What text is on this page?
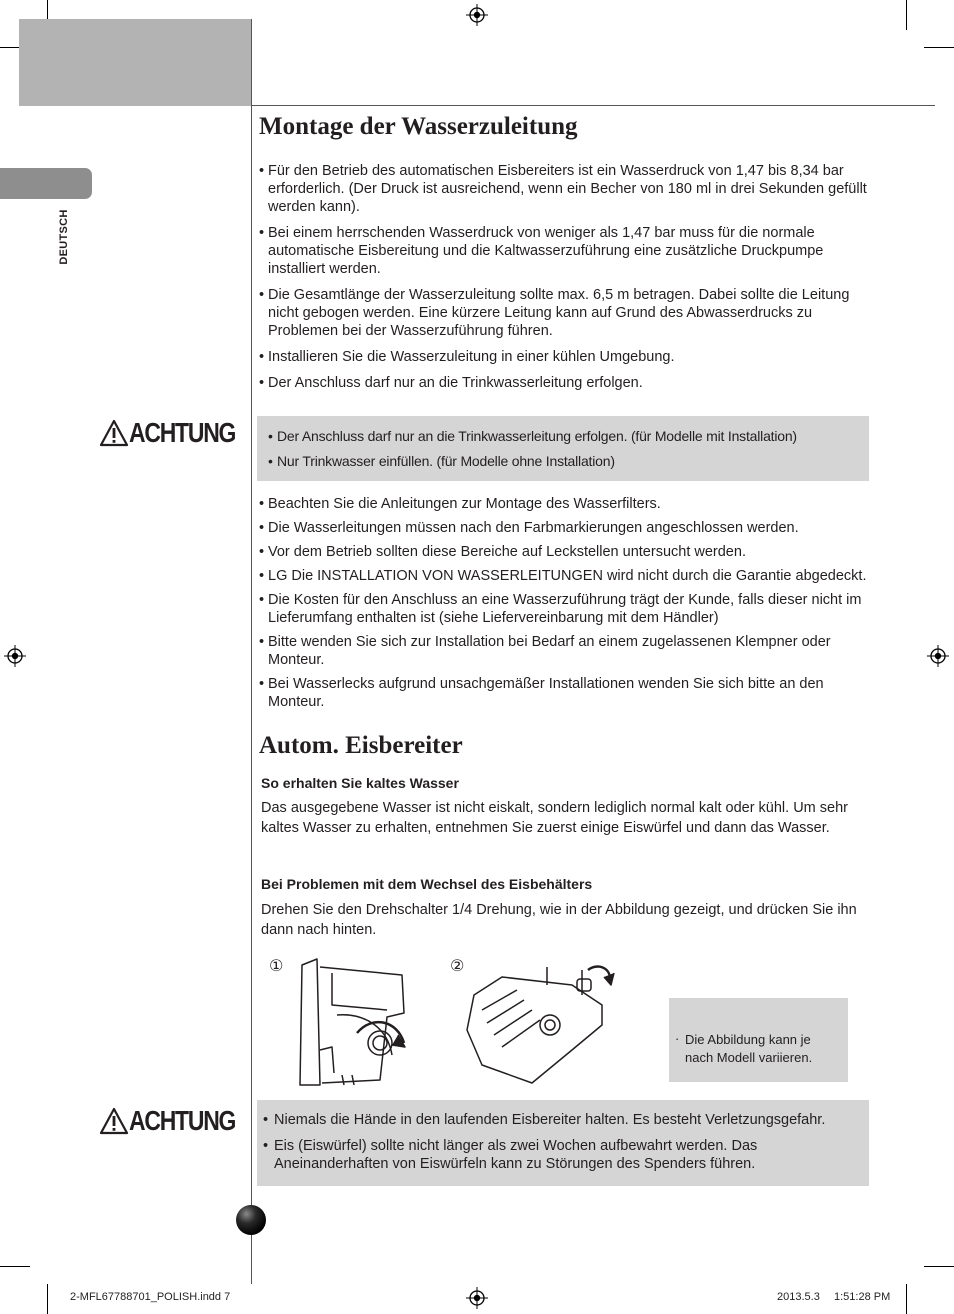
DEUTSCH
Montage der Wasserzuleitung
• Für den Betrieb des automatischen Eisbereiters ist ein Wasserdruck von 1,47 bis 8,34 bar erforderlich. (Der Druck ist ausreichend, wenn ein Becher von 180 ml in drei Sekunden gefüllt werden kann).
• Bei einem herrschenden Wasserdruck von weniger als 1,47 bar muss für die normale automatische Eisbereitung und die Kaltwasserzuführung eine zusätzliche Druckpumpe installiert werden.
• Die Gesamtlänge der Wasserzuleitung sollte max. 6,5 m betragen. Dabei sollte die Leitung nicht gebogen werden. Eine kürzere Leitung kann auf Grund des Abwasserdrucks zu Problemen bei der Wasserzuführung führen.
• Installieren Sie die Wasserzuleitung in einer kühlen Umgebung.
• Der Anschluss darf nur an die Trinkwasserleitung erfolgen.
ACHTUNG	• Der Anschluss darf nur an die Trinkwasserleitung erfolgen. (für Modelle mit Installation)
• Nur Trinkwasser einfüllen. (für Modelle ohne Installation)
• Beachten Sie die Anleitungen zur Montage des Wasserfilters.
• Die Wasserleitungen müssen nach den Farbmarkierungen angeschlossen werden.
• Vor dem Betrieb sollten diese Bereiche auf Leckstellen untersucht werden.
• LG Die INSTALLATION VON WASSERLEITUNGEN wird nicht durch die Garantie abgedeckt.
• Die Kosten für den Anschluss an eine Wasserzuführung trägt der Kunde, falls dieser nicht im Lieferumfang enthalten ist (siehe Liefervereinbarung mit dem Händler)
• Bitte wenden Sie sich zur Installation bei Bedarf an einem zugelassenen Klempner oder Monteur.
• Bei Wasserlecks aufgrund unsachgemäßer Installationen wenden Sie sich bitte an den Monteur.
Autom. Eisbereiter
So erhalten Sie kaltes Wasser

Das ausgegebene Wasser ist nicht eiskalt, sondern lediglich normal kalt oder kühl. Um sehr kaltes Wasser zu erhalten, entnehmen Sie zuerst einige Eiswürfel und dann das Wasser.

Bei Problemen mit dem Wechsel des Eisbehälters

Drehen Sie den Drehschalter 1/4 Drehung, wie in der Abbildung gezeigt, und drücken Sie ihn dann nach hinten.

①	②
· Die Abbildung kann je nach Modell variieren.
ACHTUNG	• Niemals die Hände in den laufenden Eisbereiter halten. Es besteht Verletzungsgefahr.
• Eis (Eiswürfel) sollte nicht länger als zwei Wochen aufbewahrt werden. Das Aneinanderhaften von Eiswürfeln kann zu Störungen des Spenders führen.
2-MFL67788701_POLISH.indd 7	2013.5.3 1:51:28 PM
